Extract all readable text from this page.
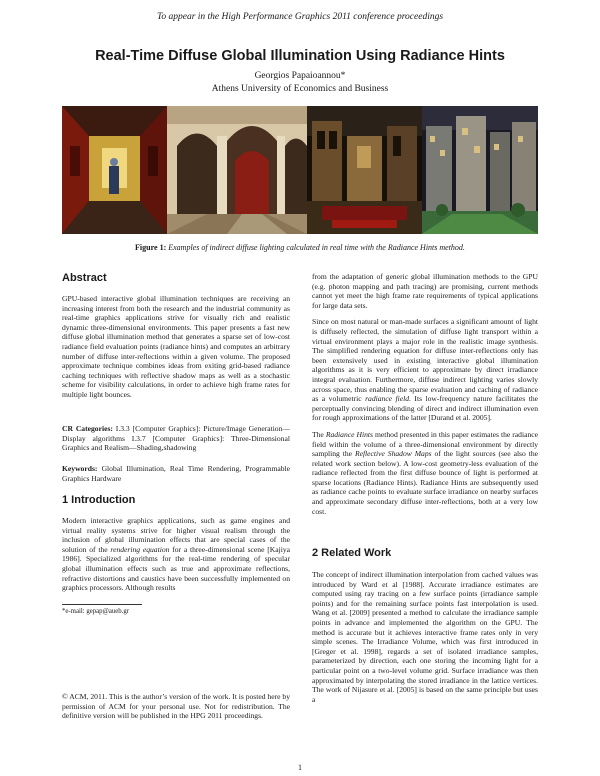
To appear in the High Performance Graphics 2011 conference proceedings
Real-Time Diffuse Global Illumination Using Radiance Hints
Georgios Papaioannou*
Athens University of Economics and Business
Figure 1: Examples of indirect diffuse lighting calculated in real time with the Radiance Hints method.
Abstract

GPU-based interactive global illumination techniques are receiving an increasing interest from both the research and the industrial community as real-time graphics applications strive for visually rich and realistic dynamic three-dimensional environments. This paper presents a fast new diffuse global illumination method that generates a sparse set of low-cost radiance field evaluation points (radiance hints) and computes an arbitrary number of diffuse inter-reflections within a given volume. The proposed approximate technique combines ideas from exiting grid-based radiance caching techniques with reflective shadow maps as well as a stochastic scheme for visibility calculations, in order to achieve high frame rates for multiple light bounces.

CR Categories: I.3.3 [Computer Graphics]: Picture/Image Generation—Display algorithms I.3.7 [Computer Graphics]: Three-Dimensional Graphics and Realism—Shading,shadowing

Keywords: Global Illumination, Real Time Rendering, Programmable Graphics Hardware

1 Introduction

Modern interactive graphics applications, such as game engines and virtual reality systems strive for higher visual realism through the inclusion of global illumination effects that are special cases of the solution of the rendering equation for a three-dimensional scene [Kajiya 1986]. Specialized algorithms for the real-time rendering of specular global illumination effects such as true and approximate reflections, refractive distortions and caustics have been successfully implemented on graphics processors. Although results

*e-mail: gepap@aueb.gr
© ACM, 2011. This is the author’s version of the work. It is posted here by permission of ACM for your personal use. Not for redistribution. The definitive version will be published in the HPG 2011 proceedings.

from the adaptation of generic global illumination methods to the GPU (e.g. photon mapping and path tracing) are promising, current methods cannot yet meet the high frame rate requirements of typical applications for large data sets.

Since on most natural or man-made surfaces a significant amount of light is diffusely reflected, the simulation of diffuse light transport within a virtual environment plays a major role in the realistic image synthesis. The simplified rendering equation for diffuse inter-reflections only has been extensively used in existing interactive global illumination algorithms as it is very efficient to approximate by direct irradiance integral evaluation. Furthermore, diffuse indirect lighting varies slowly across space, thus enabling the sparse evaluation and caching of radiance as a volumetric radiance field. Its low-frequency nature facilitates the perceptually convincing blending of direct and indirect illumination even for rough approximations of the latter [Durand et al. 2005].

The Radiance Hints method presented in this paper estimates the radiance field within the volume of a three-dimensional environment by directly sampling the Reflective Shadow Maps of the light sources (see also the related work section below). A low-cost geometry-less evaluation of the radiance reflected from the first diffuse bounce of light is performed at sparse locations (Radiance Hints). Radiance Hints are subsequently used as radiance cache points to evaluate surface irradiance on nearby surfaces and approximate secondary diffuse inter-reflections, both at a very low cost.

2 Related Work

The concept of indirect illumination interpolation from cached values was introduced by Ward et al [1988]. Accurate irradiance estimates are computed using ray tracing on a few surface points (irradiance sample points) and for the remaining surface points fast interpolation is used. Wang et al. [2009] presented a method to calculate the irradiance sample points in advance and implemented the algorithm on the GPU. The method is accurate but it achieves interactive frame rates only in very simple scenes. The Irradiance Volume, which was first introduced in [Greger et al. 1998], regards a set of isolated irradiance samples, parameterized by direction, each one storing the incoming light for a particular point on a two-level volume grid. Surface irradiance was then approximated by interpolating the stored irradiance in the lattice vertices. The work of Nijasure et al. [2005] is based on the same principle but uses a

1
